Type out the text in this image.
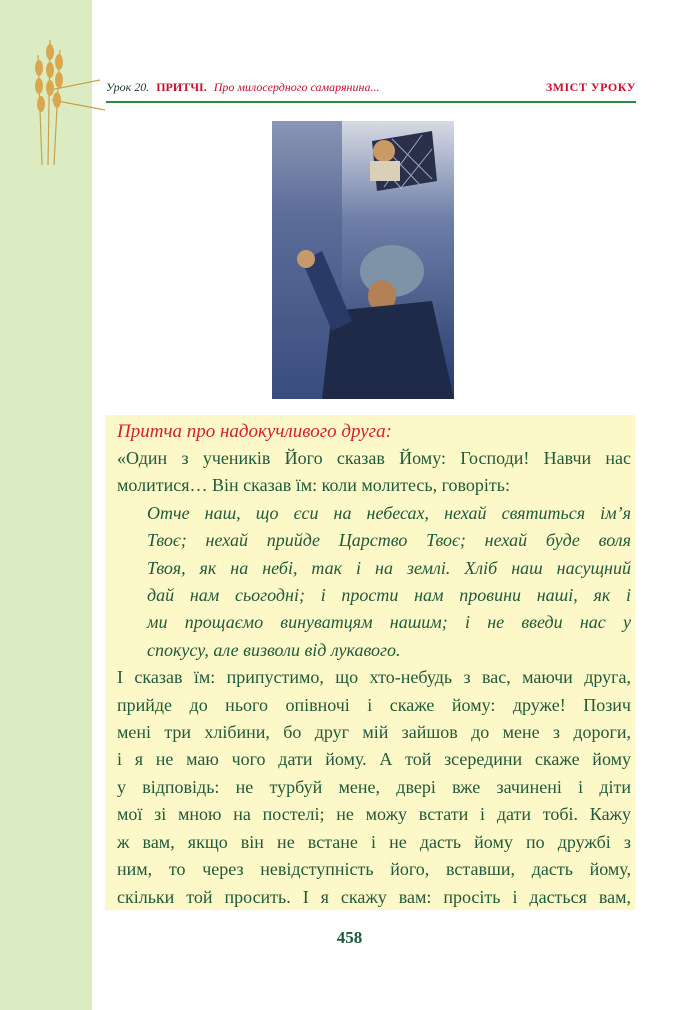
Урок 20. ПРИТЧІ. Про милосердного самарянина...	ЗМІСТ УРОКУ
Притча про надокучливого друга:
«Один з учеників Його сказав Йому: Господи! Навчи нас
молитися… Він сказав їм: коли молитесь, говоріть:
Отче наш, що єси на небесах, нехай святиться ім’я
Твоє; нехай прийде Царство Твоє; нехай буде воля
Твоя, як на небі, так і на землі. Хліб наш насущний
дай нам сьогодні; і прости нам провини наші, як і
ми прощаємо винуватцям нашим; і не введи нас у
спокусу, але визволи від лукавого.
І сказав їм: припустимо, що хто-небудь з вас, маючи друга,
прийде до нього опівночі і скаже йому: друже! Позич
мені три хлібини, бо друг мій зайшов до мене з дороги,
і я не маю чого дати йому. А той зсередини скаже йому
у відповідь: не турбуй мене, двері вже зачинені і діти
мої зі мною на постелі; не можу встати і дати тобі. Кажу
ж вам, якщо він не встане і не дасть йому по дружбі з
ним, то через невідступність його, вставши, дасть йому,
скільки той просить. І я скажу вам: просіть і дасться вам,
458
